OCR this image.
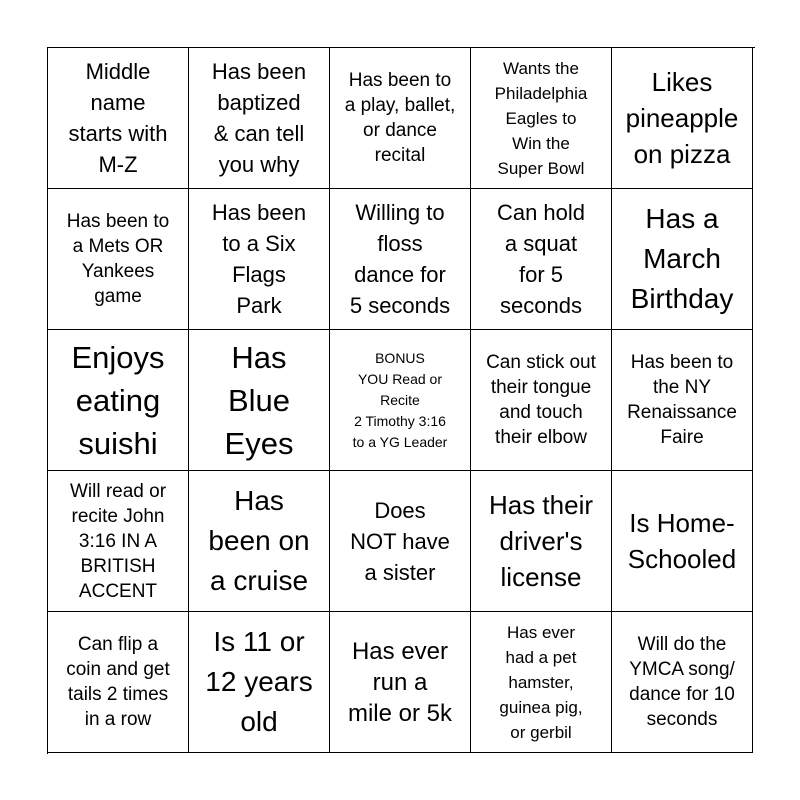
Middle
name
starts with
M-Z
Has been
baptized
& can tell
you why
Has been to
a play, ballet,
or dance
recital
Wants the
Philadelphia
Eagles to
Win the
Super Bowl
Likes
pineapple
on pizza
Has been to
a Mets OR
Yankees
game
Has been
to a Six
Flags
Park
Willing to
floss
dance for
5 seconds
Can hold
a squat
for 5
seconds
Has a
March
Birthday
Enjoys
eating
suishi
Has
Blue
Eyes
BONUS
YOU Read or
Recite
2 Timothy 3:16
to a YG Leader
Can stick out
their tongue
and touch
their elbow
Has been to
the NY
Renaissance
Faire
Will read or
recite John
3:16 IN A
BRITISH
ACCENT
Has
been on
a cruise
Does
NOT have
a sister
Has their
driver's
license
Is Home-
Schooled
Can flip a
coin and get
tails 2 times
in a row
Is 11 or
12 years
old
Has ever
run a
mile or 5k
Has ever
had a pet
hamster,
guinea pig,
or gerbil
Will do the
YMCA song/
dance for 10
seconds
